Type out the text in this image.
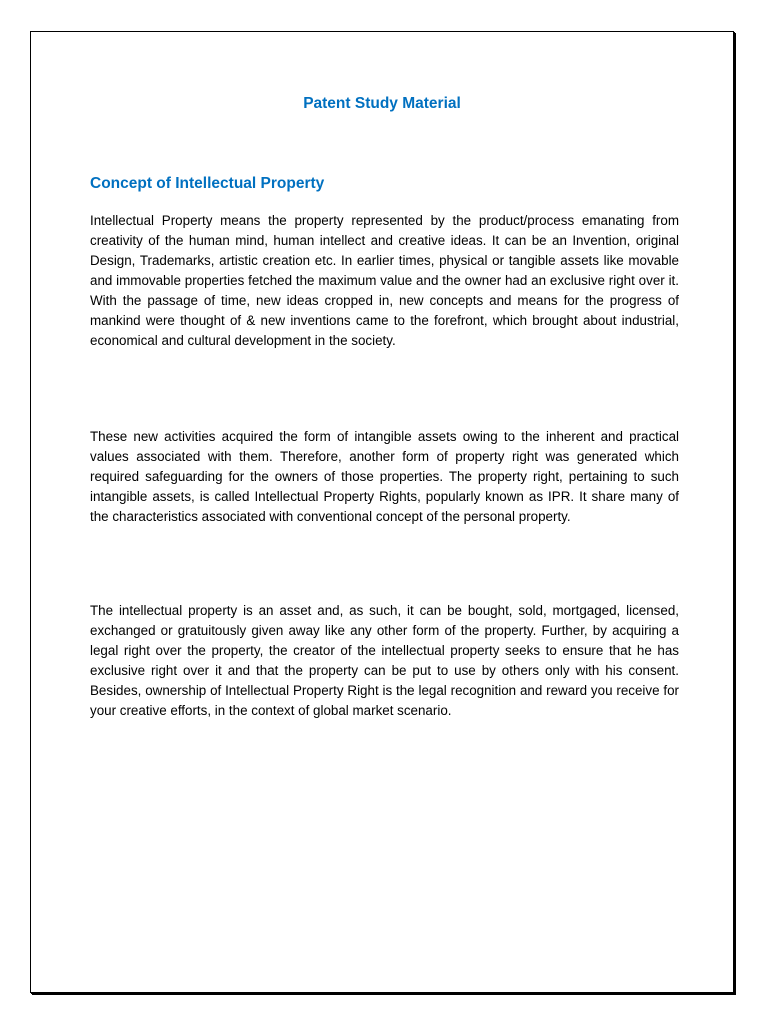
Patent Study Material
Concept of Intellectual Property

Intellectual Property means the property represented by the product/process emanating from creativity of the human mind, human intellect and creative ideas. It can be an Invention, original Design, Trademarks, artistic creation etc. In earlier times, physical or tangible assets like movable and immovable properties fetched the maximum value and the owner had an exclusive right over it. With the passage of time, new ideas cropped in, new concepts and means for the progress of mankind were thought of & new inventions came to the forefront, which brought about industrial, economical and cultural development in the society.

These new activities acquired the form of intangible assets owing to the inherent and practical values associated with them. Therefore, another form of property right was generated which required safeguarding for the owners of those properties. The property right, pertaining to such intangible assets, is called Intellectual Property Rights, popularly known as IPR. It share many of the characteristics associated with conventional concept of the personal property.

The intellectual property is an asset and, as such, it can be bought, sold, mortgaged, licensed, exchanged or gratuitously given away like any other form of the property. Further, by acquiring a legal right over the property, the creator of the intellectual property seeks to ensure that he has exclusive right over it and that the property can be put to use by others only with his consent. Besides, ownership of Intellectual Property Right is the legal recognition and reward you receive for your creative efforts, in the context of global market scenario.
